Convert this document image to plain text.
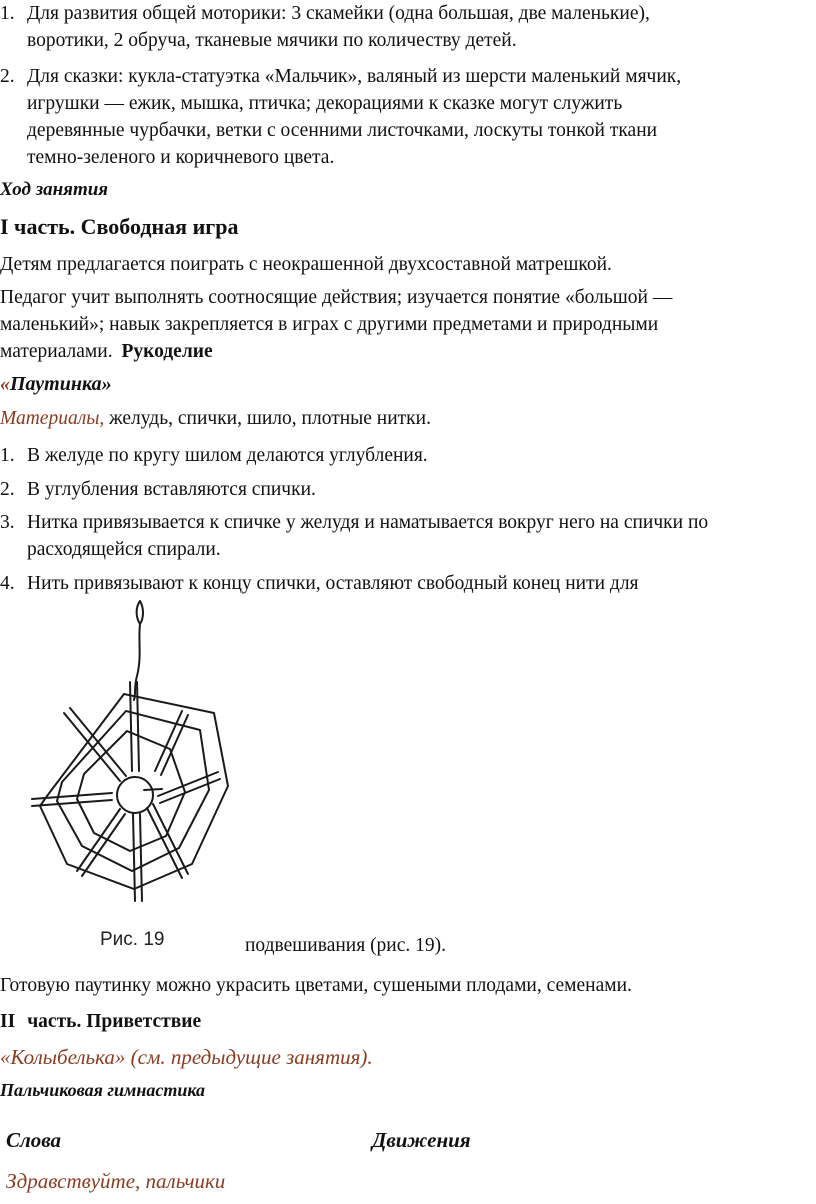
1. Для развития общей моторики: 3 скамейки (одна большая, две маленькие),
воротики, 2 обруча, тканевые мячики по количеству детей.
2. Для сказки: кукла-статуэтка «Мальчик», валяный из шерсти маленький мячик,
игрушки — ежик, мышка, птичка; декорациями к сказке могут служить
деревянные чурбачки, ветки с осенними листочками, лоскуты тонкой ткани
темно-зеленого и коричневого цвета.
Ход занятия
I часть. Свободная игра
Детям предлагается поиграть с неокрашенной двухсоставной матрешкой.
Педагог учит выполнять соотносящие действия; изучается понятие «большой —
маленький»; навык закрепляется в играх с другими предметами и природными
материалами. Рукоделие
«Паутинка»
Материалы, желудь, спички, шило, плотные нитки.
1. В желуде по кругу шилом делаются углубления.
2. В углубления вставляются спички.
3. Нитка привязывается к спичке у желудя и наматывается вокруг него на спички по
расходящейся спирали.
4. Нить привязывают к концу спички, оставляют свободный конец нити для
Рис. 19	подвешивания (рис. 19).
Готовую паутинку можно украсить цветами, сушеными плодами, семенами.
II часть. Приветствие
«Колыбелька» (см. предыдущие занятия).
Пальчиковая гимнастика
Слова	Движения
Здравствуйте, пальчики
